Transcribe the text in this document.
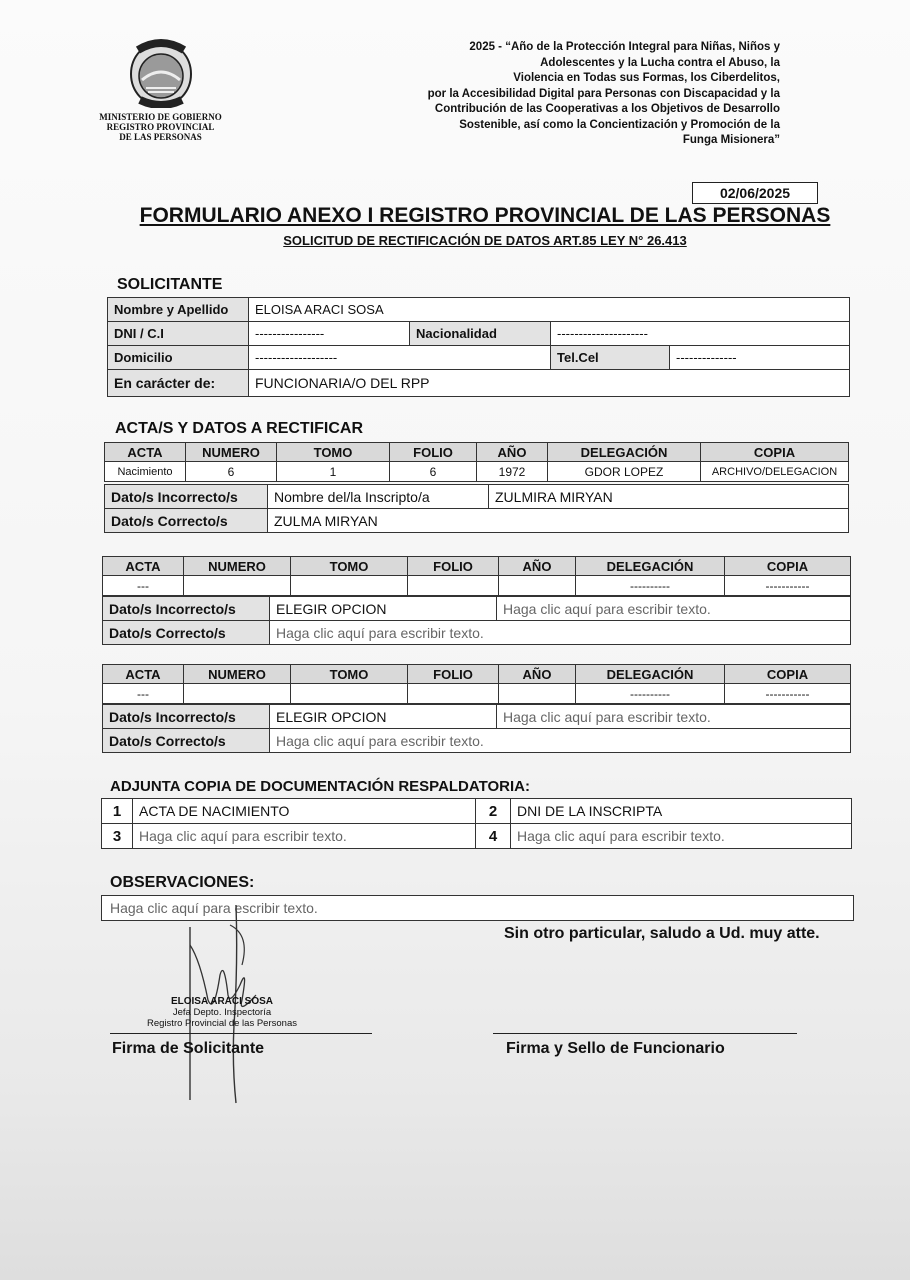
MINISTERIO DE GOBIERNO
REGISTRO PROVINCIAL
DE LAS PERSONAS
2025 - “Año de la Protección Integral para Niñas, Niños y
Adolescentes y la Lucha contra el Abuso, la
Violencia en Todas sus Formas, los Ciberdelitos,
por la Accesibilidad Digital para Personas con Discapacidad y la
Contribución de las Cooperativas a los Objetivos de Desarrollo
Sostenible, así como la Concientización y Promoción de la
Funga Misionera”
02/06/2025
FORMULARIO ANEXO I REGISTRO PROVINCIAL DE LAS PERSONAS
SOLICITUD DE RECTIFICACIÓN DE DATOS ART.85 LEY N° 26.413
SOLICITANTE
Nombre y Apellido	ELOISA ARACI SOSA			
DNI / C.I	----------------	Nacionalidad	---------------------	
Domicilio	-------------------		Tel.Cel	--------------
En carácter de:	FUNCIONARIA/O DEL RPP			
ACTA/S Y DATOS A RECTIFICAR
ACTA	NUMERO	TOMO	FOLIO	AÑO	DELEGACIÓN	COPIA
Nacimiento	6	1	6	1972	GDOR LOPEZ	ARCHIVO/DELEGACION
Dato/s Incorrecto/s	Nombre del/la Inscripto/a	ZULMIRA MIRYAN
Dato/s Correcto/s	ZULMA MIRYAN	
ACTA	NUMERO	TOMO	FOLIO	AÑO	DELEGACIÓN	COPIA
---					----------	-----------
Dato/s Incorrecto/s	ELEGIR OPCION	Haga clic aquí para escribir texto.
Dato/s Correcto/s	Haga clic aquí para escribir texto.	
ACTA	NUMERO	TOMO	FOLIO	AÑO	DELEGACIÓN	COPIA
---					----------	-----------
Dato/s Incorrecto/s	ELEGIR OPCION	Haga clic aquí para escribir texto.
Dato/s Correcto/s	Haga clic aquí para escribir texto.	
ADJUNTA COPIA DE DOCUMENTACIÓN RESPALDATORIA:
1	ACTA DE NACIMIENTO	2	DNI DE LA INSCRIPTA
3	Haga clic aquí para escribir texto.	4	Haga clic aquí para escribir texto.
OBSERVACIONES:
Haga clic aquí para escribir texto.
Sin otro particular, saludo a Ud. muy atte.
ELOISA ARACI SOSA
Jefa Depto. Inspectoría
Registro Provincial de las Personas
Firma de Solicitante	Firma y Sello de Funcionario
